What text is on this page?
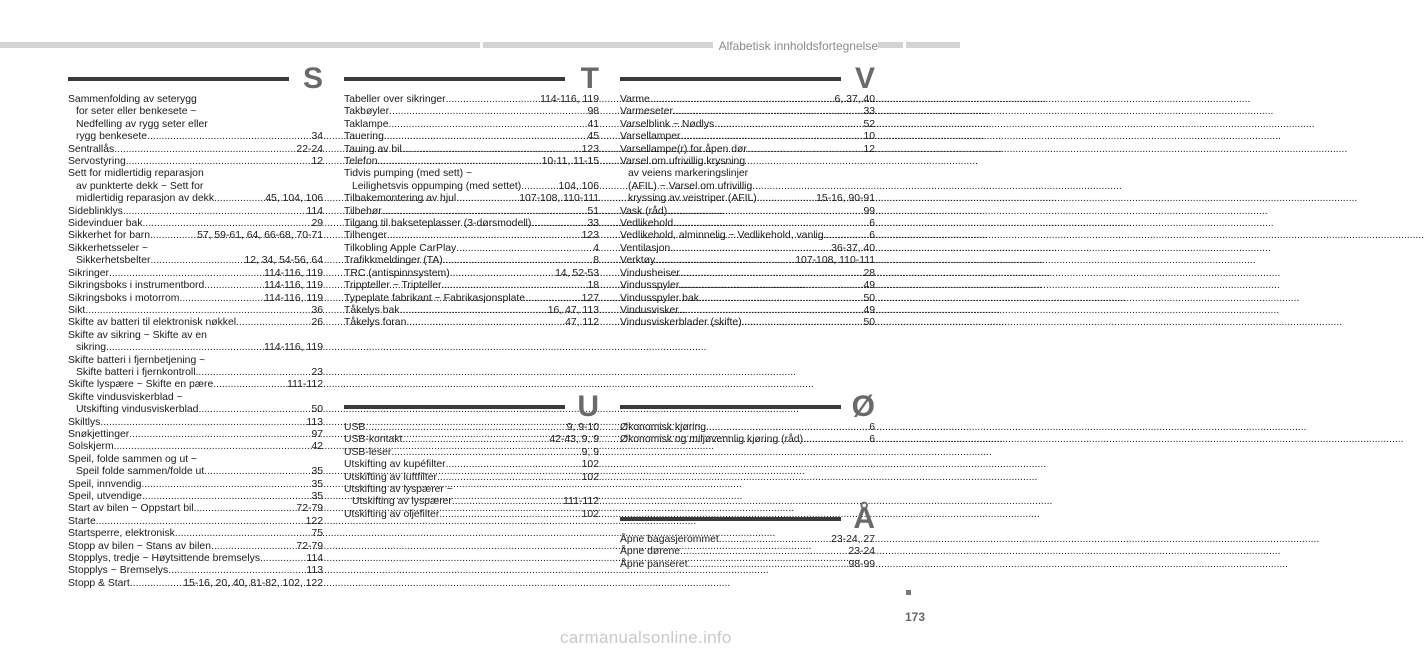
Alfabetisk innholdsfortegnelse
S
Sammenfolding av seterygg
for seter eller benkesete ~
Nedfelling av rygg seter eller
rygg benkesete .....	34
Sentrallås .....	22-24
Servostyring .....	12
Sett for midlertidig reparasjon
av punkterte dekk ~ Sett for
midlertidig reparasjon av dekk .....	45, 104, 106
Sideblinklys .....	114
Sidevinduer bak .....	29
Sikkerhet for barn .....	57, 59-61, 64, 66-68, 70-71
Sikkerhetsseler ~
Sikkerhetsbelter .....	12, 34, 54-56, 64
Sikringer .....	114-116, 119
Sikringsboks i instrumentbord .....	114-116, 119
Sikringsboks i motorrom .....	114-116, 119
Sikt .....	36
Skifte av batteri til elektronisk nøkkel .....	26
Skifte av sikring ~ Skifte av en
sikring .....	114-116, 119
Skifte batteri i fjernbetjening ~
Skifte batteri i fjernkontroll .....	23
Skifte lyspære ~ Skifte en pære .....	111-112
Skifte vindusviskerblad ~
Utskifting vindusviskerblad .....	50
Skiltlys .....	113
Snøkjettinger .....	97
Solskjerm .....	42
Speil, folde sammen og ut ~
Speil folde sammen/folde ut .....	35
Speil, innvendig .....	35
Speil, utvendige .....	35
Start av bilen ~ Oppstart bil .....	72-79
Starte .....	122
Startsperre, elektronisk .....	75
Stopp av bilen ~ Stans av bilen .....	72-79
Stopplys, tredje ~ Høytsittende bremselys .....	114
Stopplys ~ Bremselys .....	113
Stopp & Start .....	15-16, 20, 40, 81-82, 102, 122
T
Tabeller over sikringer .....	114-116, 119
Takbøyler .....	98
Taklampe .....	41
Tauering .....	45
Tauing av bil .....	123
Telefon .....	10-11, 11-15
Tidvis pumping (med sett) ~
Leilighetsvis oppumping (med settet) .....	104, 106
Tilbakemontering av hjul .....	107-108, 110-111
Tilbehør .....	51
Tilgang til bakseteplasser (3-dørsmodell) .....	33
Tilhenger .....	123
Tilkobling Apple CarPlay .....	4
Trafikkmeldinger (TA) .....	8
TRC (antispinnsystem) .....	14, 52-53
Trippteller ~ Tripteller .....	18
Typeplate fabrikant ~ Fabrikasjonsplate .....	127
Tåkelys bak .....	16, 47, 113
Tåkelys foran .....	47, 112
V
Varme .....	6, 37, 40
Varmeseter .....	33
Varselblink ~ Nødlys .....	52
Varsellamper .....	10
Varsellampe(r) for åpen dør .....	12
Varsel om ufrivillig krysning
av veiens markeringslinjer
(AFIL) ~ Varsel om ufrivillig
kryssing av veistriper (AFIL) .....	15-16, 90-91
Vask (råd) .....	99
Vedlikehold .....	6
Vedlikehold, alminnelig ~ Vedlikehold, vanlig .....	6
Ventilasjon .....	36-37, 40
Verktøy .....	107-108, 110-111
Vindusheiser .....	28
Vindusspyler .....	49
Vindusspyler bak .....	50
Vindusvisker .....	49
Vindusviskerblader (skifte) .....	50
U
USB .....	9, 9-10
USB-kontakt .....	42-43, 9, 9
USB-leser .....	9, 9
Utskifting av kupéfilter .....	102
Utskifting av luftfilter .....	102
Utskifting av lyspærer ~
Utskifting av lyspærer .....	111-112
Utskifting av oljefilter .....	102
Ø
Økonomisk kjøring .....	6
Økonomisk og miljøvennlig kjøring (råd) .....	6
Å
Åpne bagasjerommet .....	23-24, 27
Åpne dørene .....	23-24
Åpne panseret .....	98-99
173
carmanualsonline.info
